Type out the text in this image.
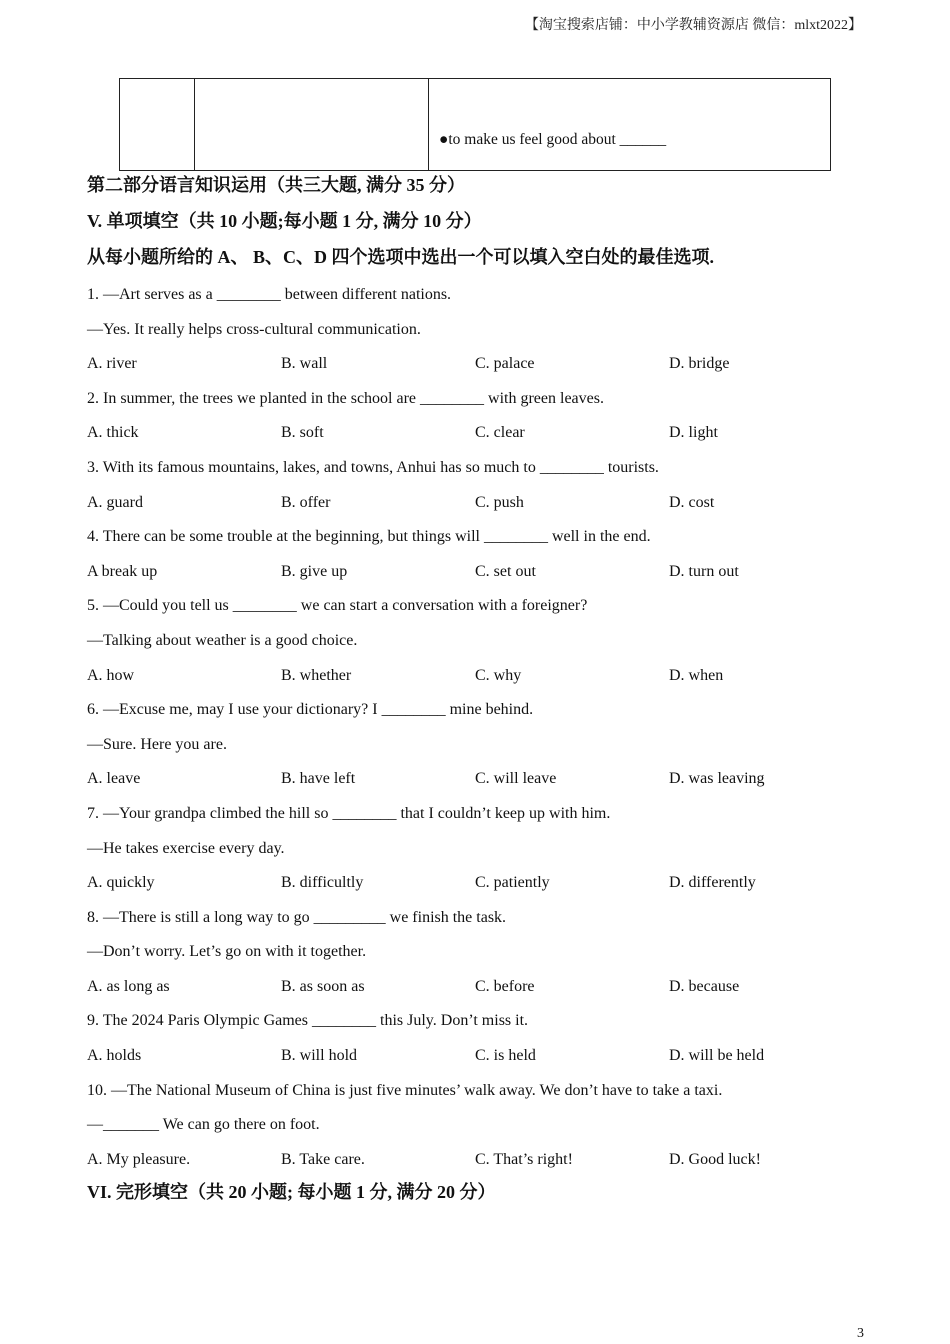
【淘宝搜索店铺：中小学教辅资源店 微信：mlxt2022】
●to make us feel good about ______
第二部分语言知识运用（共三大题, 满分 35 分）
V. 单项填空（共 10 小题;每小题 1 分, 满分 10 分）
从每小题所给的 A、 B、C、D 四个选项中选出一个可以填入空白处的最佳选项.
1. —Art serves as a ________ between different nations.
—Yes. It really helps cross-cultural communication.
A. river	B. wall	C. palace	D. bridge
2. In summer, the trees we planted in the school are ________ with green leaves.
A. thick	B. soft	C. clear	D. light
3. With its famous mountains, lakes, and towns, Anhui has so much to ________ tourists.
A. guard	B. offer	C. push	D. cost
4. There can be some trouble at the beginning, but things will ________ well in the end.
A break up	B. give up	C. set out	D. turn out
5. —Could you tell us ________ we can start a conversation with a foreigner?
—Talking about weather is a good choice.
A. how	B. whether	C. why	D. when
6. —Excuse me, may I use your dictionary? I ________ mine behind.
—Sure. Here you are.
A. leave	B. have left	C. will leave	D. was leaving
7. —Your grandpa climbed the hill so ________ that I couldn’t keep up with him.
—He takes exercise every day.
A. quickly	B. difficultly	C. patiently	D. differently
8. —There is still a long way to go _________ we finish the task.
—Don’t worry. Let’s go on with it together.
A. as long as	B. as soon as	C. before	D. because
9. The 2024 Paris Olympic Games ________ this July. Don’t miss it.
A. holds	B. will hold	C. is held	D. will be held
10. —The National Museum of China is just five minutes’ walk away. We don’t have to take a taxi.
—_______ We can go there on foot.
A. My pleasure.	B. Take care.	C. That’s right!	D. Good luck!
VI. 完形填空（共 20 小题; 每小题 1 分, 满分 20 分）
3
